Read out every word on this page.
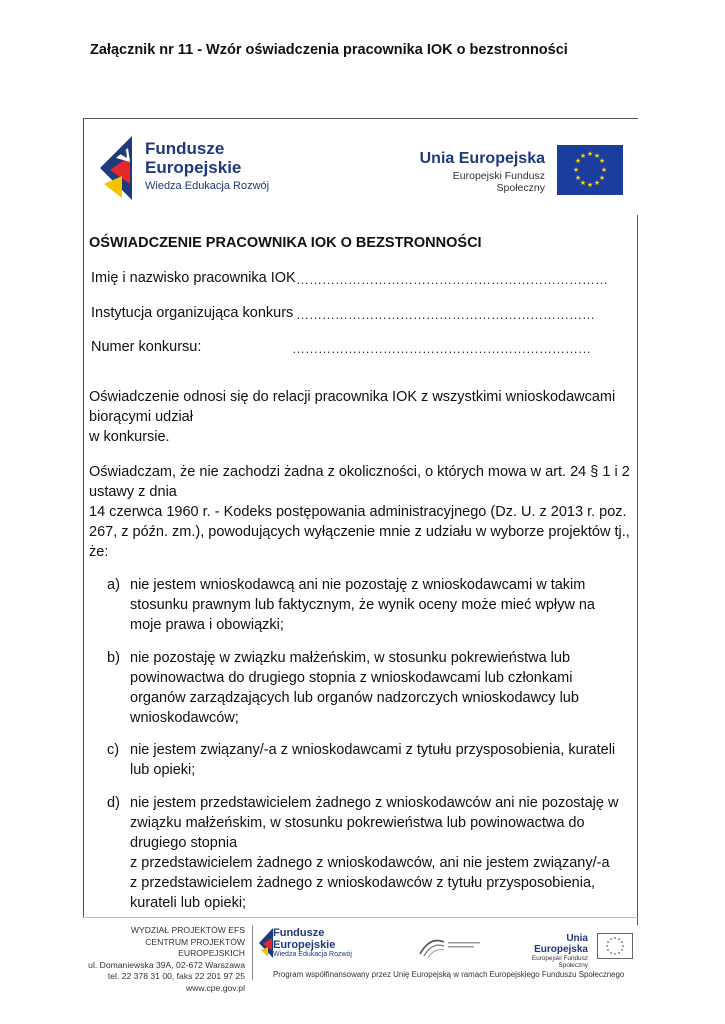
Załącznik nr 11 - Wzór oświadczenia pracownika IOK o bezstronności
Fundusze
Europejskie
Wiedza Edukacja Rozwój
Unia Europejska
Europejski Fundusz Społeczny
★ ★
★
★
★
★
★
★
★
★
★
★
OŚWIADCZENIE PRACOWNIKA IOK O BEZSTRONNOŚCI
Imię i nazwisko pracownika IOK ………………………………………………………………
Instytucja organizująca konkurs ……………………………………………………………
Numer konkursu:	……………………………………………………………
Oświadczenie odnosi się do relacji pracownika IOK z wszystkimi wnioskodawcami
biorącymi udział
w konkursie.
Oświadczam, że nie zachodzi żadna z okoliczności, o których mowa w art. 24 § 1 i 2
ustawy z dnia
14 czerwca 1960 r. - Kodeks postępowania administracyjnego (Dz. U. z 2013 r. poz.
267, z późn. zm.), powodujących wyłączenie mnie z udziału w wyborze projektów tj.,
że:
a) nie jestem wnioskodawcą ani nie pozostaję z wnioskodawcami w takim
stosunku prawnym lub faktycznym, że wynik oceny może mieć wpływ na
moje prawa i obowiązki;
b) nie pozostaję w związku małżeńskim, w stosunku pokrewieństwa lub
powinowactwa do drugiego stopnia z wnioskodawcami lub członkami
organów zarządzających lub organów nadzorczych wnioskodawcy lub
wnioskodawców;
c) nie jestem związany/-a z wnioskodawcami z tytułu przysposobienia, kurateli
lub opieki;
d) nie jestem przedstawicielem żadnego z wnioskodawców ani nie pozostaję w
związku małżeńskim, w stosunku pokrewieństwa lub powinowactwa do
drugiego stopnia
z przedstawicielem żadnego z wnioskodawców, ani nie jestem związany/-a
z przedstawicielem żadnego z wnioskodawców z tytułu przysposobienia,
kurateli lub opieki;
WYDZIAŁ PROJEKTÓW EFS
CENTRUM PROJEKTÓW EUROPEJSKICH
ul. Domaniewska 39A, 02-672 Warszawa
tel. 22 378 31 00, faks 22 201 97 25
www.cpe.gov.pl
Fundusze
Europejskie
Wiedza Edukacja Rozwój
Unia Europejska
Europejski Fundusz Społeczny
Program współfinansowany przez Unię Europejską w ramach Europejskiego Funduszu Społecznego
